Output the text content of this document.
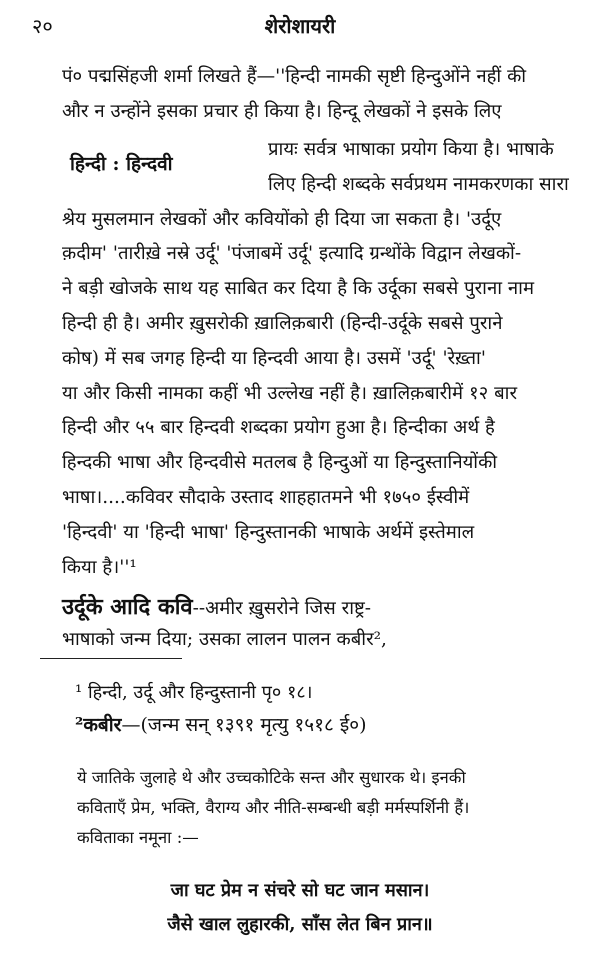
२०	शेरोशायरी
पं० पद्मसिंहजी शर्मा लिखते हैं—''हिन्दी नामकी सृष्टी हिन्दुओंने नहीं की
और न उन्होंने इसका प्रचार ही किया है। हिन्दू लेखकों ने इसके लिए
हिन्दी : हिन्दवी
प्रायः सर्वत्र भाषाका प्रयोग किया है। भाषाके
लिए हिन्दी शब्दके सर्वप्रथम नामकरणका सारा
श्रेय मुसलमान लेखकों और कवियोंको ही दिया जा सकता है। 'उर्दूए
क़दीम' 'तारीख़े नस्रे उर्दू' 'पंजाबमें उर्दू' इत्यादि ग्रन्थोंके विद्वान लेखकों-
ने बड़ी खोजके साथ यह साबित कर दिया है कि उर्दूका सबसे पुराना नाम
हिन्दी ही है। अमीर ख़ुसरोकी ख़ालिक़बारी (हिन्दी-उर्दूके सबसे पुराने
कोष) में सब जगह हिन्दी या हिन्दवी आया है। उसमें 'उर्दू' 'रेख़्ता'
या और किसी नामका कहीं भी उल्लेख नहीं है। ख़ालिक़बारीमें १२ बार
हिन्दी और ५५ बार हिन्दवी शब्दका प्रयोग हुआ है। हिन्दीका अर्थ है
हिन्दकी भाषा और हिन्दवीसे मतलब है हिन्दुओं या हिन्दुस्तानियोंकी
भाषा।....कविवर सौदाके उस्ताद शाहहातमने भी १७५० ईस्वीमें
'हिन्दवी' या 'हिन्दी भाषा' हिन्दुस्तानकी भाषाके अर्थमें इस्तेमाल
किया है।''¹
उर्दूके आदि कवि--अमीर ख़ुसरोने जिस राष्ट्र-
भाषाको जन्म दिया; उसका लालन पालन कबीर²,
¹ हिन्दी, उर्दू और हिन्दुस्तानी पृ० १८।
²कबीर—(जन्म सन् १३९१ मृत्यु १५१८ ई०)
ये जातिके जुलाहे थे और उच्चकोटिके सन्त और सुधारक थे। इनकी
कविताएँ प्रेम, भक्ति, वैराग्य और नीति-सम्बन्धी बड़ी मर्मस्पर्शिनी हैं।
कविताका नमूना :—
जा घट प्रेम न संचरे सो घट जान मसान।
जैसे खाल लुहारकी, साँस लेत बिन प्रान॥
